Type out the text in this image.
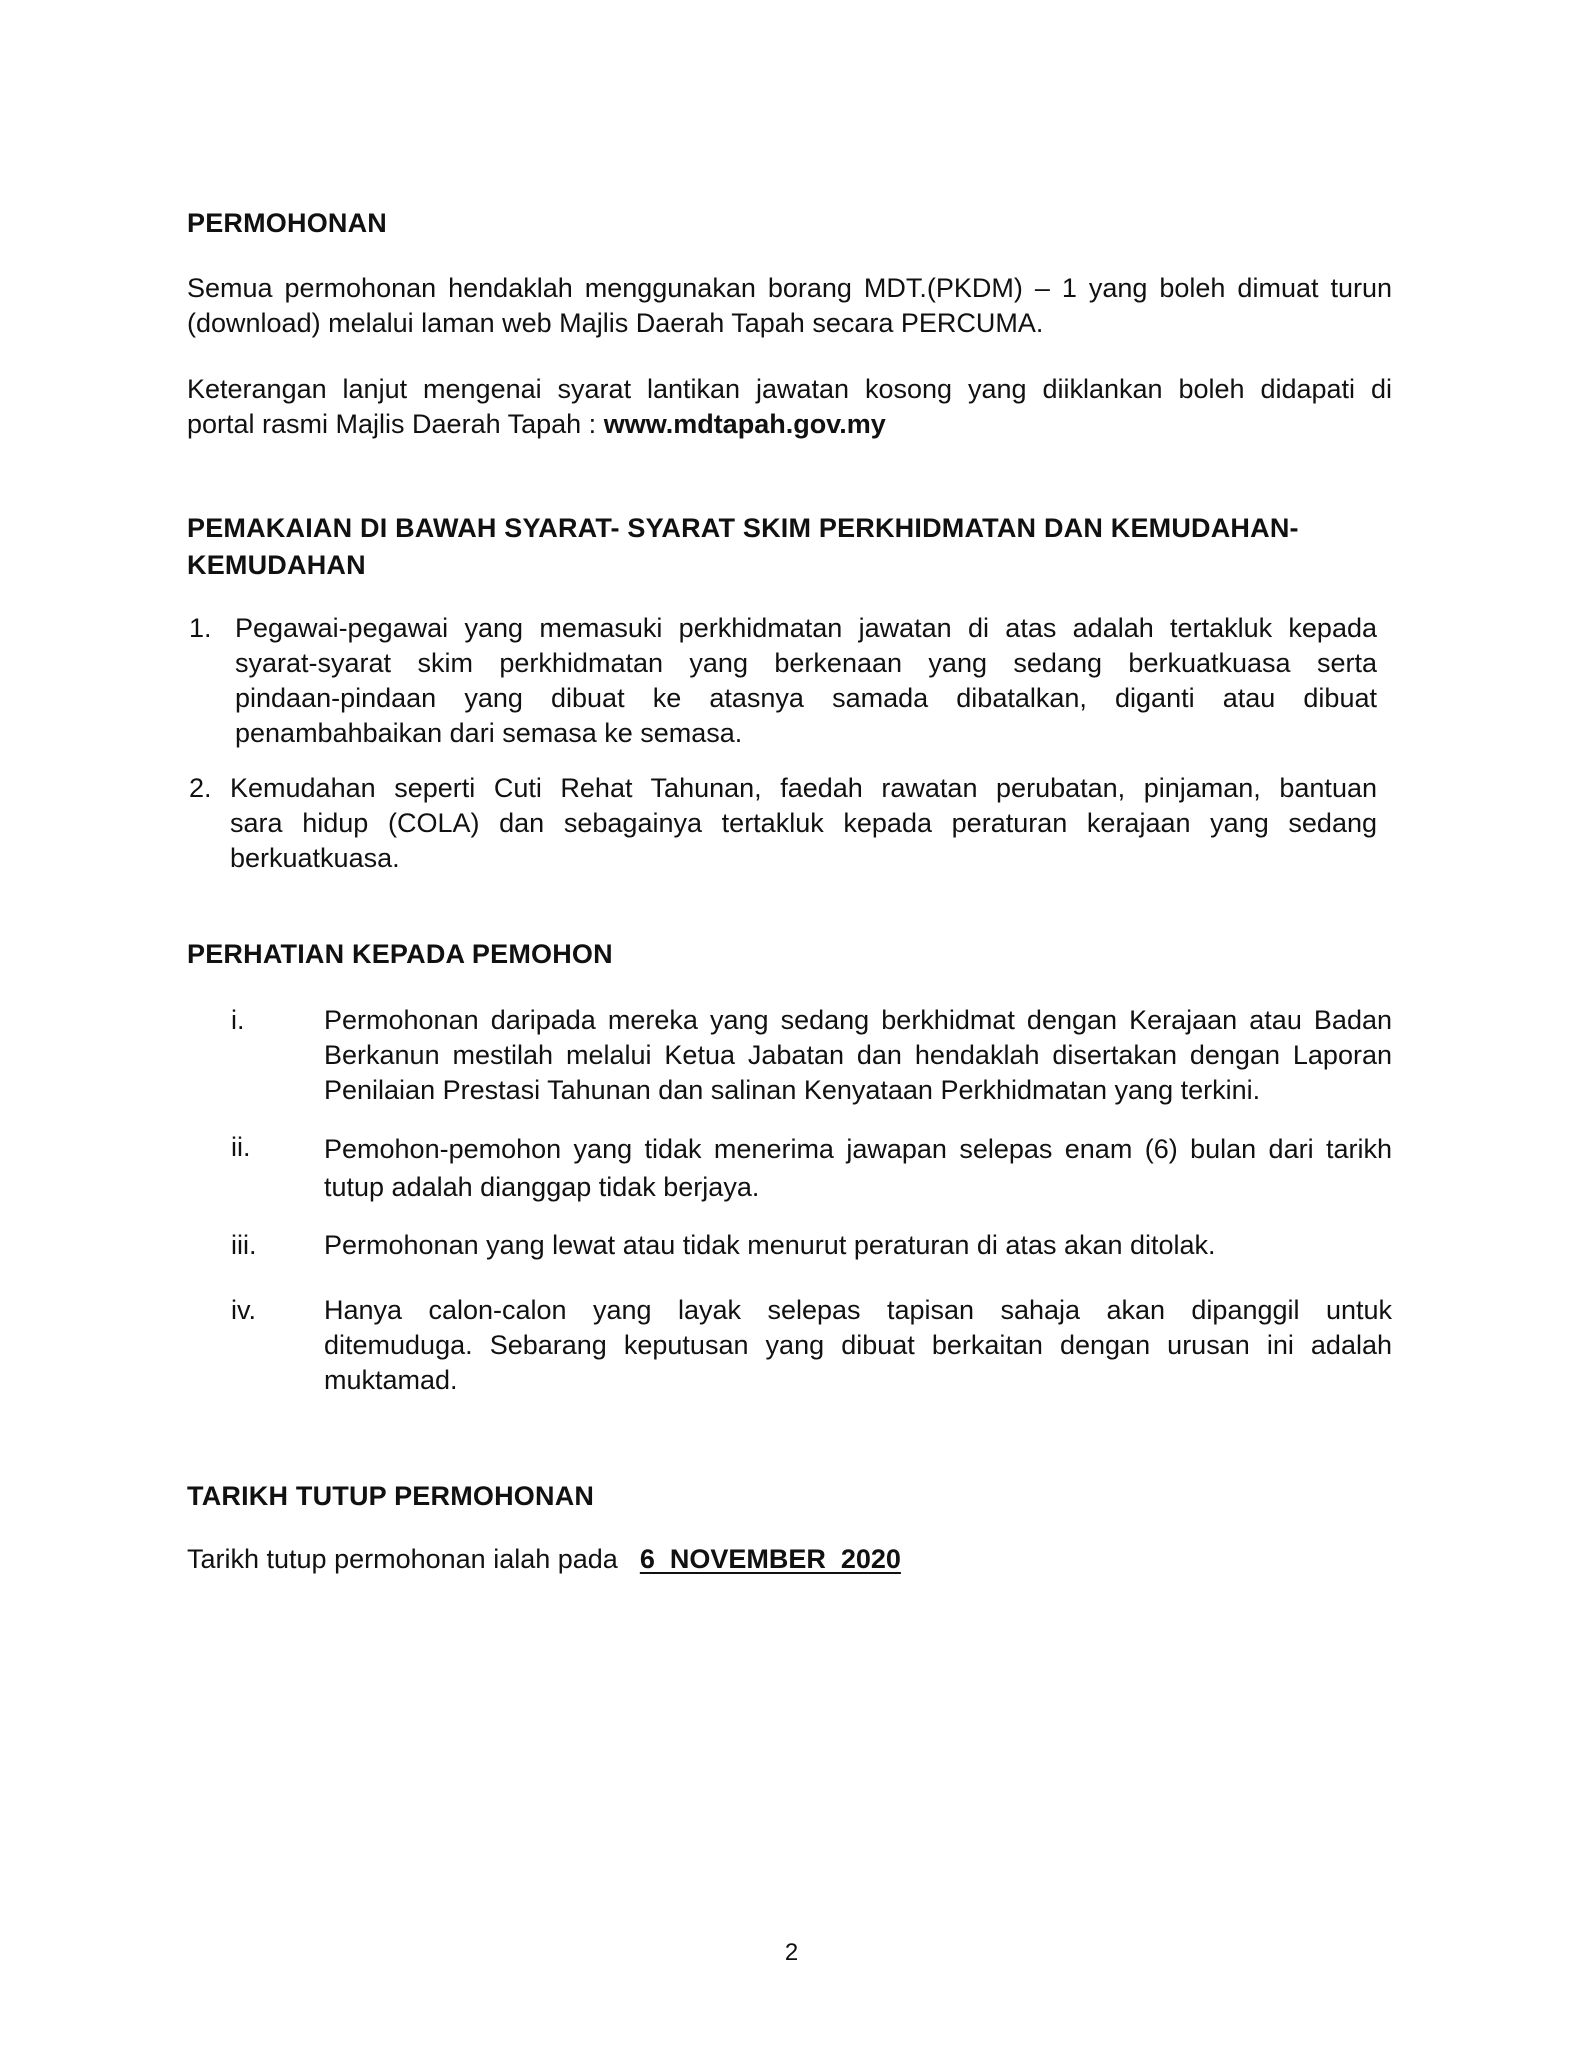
PERMOHONAN
Semua permohonan hendaklah menggunakan borang MDT.(PKDM) – 1 yang boleh dimuat turun
(download) melalui laman web Majlis Daerah Tapah secara PERCUMA.
Keterangan lanjut mengenai syarat lantikan jawatan kosong yang diiklankan boleh didapati di
portal rasmi Majlis Daerah Tapah : www.mdtapah.gov.my
PEMAKAIAN DI BAWAH SYARAT- SYARAT SKIM PERKHIDMATAN DAN KEMUDAHAN-
KEMUDAHAN
1. Pegawai-pegawai yang memasuki perkhidmatan jawatan di atas adalah tertakluk kepada
syarat-syarat skim perkhidmatan yang berkenaan yang sedang berkuatkuasa serta
pindaan-pindaan yang dibuat ke atasnya samada dibatalkan, diganti atau dibuat
penambahbaikan dari semasa ke semasa.
2. Kemudahan seperti Cuti Rehat Tahunan, faedah rawatan perubatan, pinjaman, bantuan
sara hidup (COLA) dan sebagainya tertakluk kepada peraturan kerajaan yang sedang
berkuatkuasa.
PERHATIAN KEPADA PEMOHON
i.	Permohonan daripada mereka yang sedang berkhidmat dengan Kerajaan atau Badan
Berkanun mestilah melalui Ketua Jabatan dan hendaklah disertakan dengan Laporan
Penilaian Prestasi Tahunan dan salinan Kenyataan Perkhidmatan yang terkini.
ii.	Pemohon-pemohon yang tidak menerima jawapan selepas enam (6) bulan dari tarikh
tutup adalah dianggap tidak berjaya.
iii.	Permohonan yang lewat atau tidak menurut peraturan di atas akan ditolak.
iv.	Hanya calon-calon yang layak selepas tapisan sahaja akan dipanggil untuk
ditemuduga. Sebarang keputusan yang dibuat berkaitan dengan urusan ini adalah
muktamad.
TARIKH TUTUP PERMOHONAN
Tarikh tutup permohonan ialah pada 6  NOVEMBER  2020
2
